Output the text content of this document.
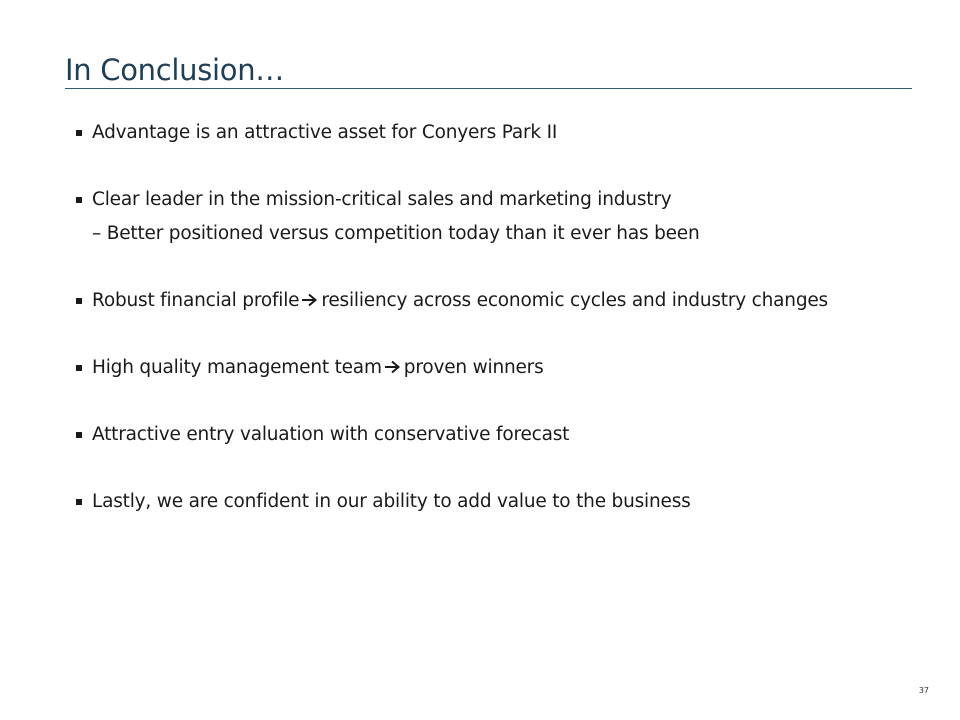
In Conclusion…
Advantage is an attractive asset for Conyers Park II
Clear leader in the mission-critical sales and marketing industry
– Better positioned versus competition today than it ever has been
Robust financial profile resiliency across economic cycles and industry changes
High quality management team proven winners
Attractive entry valuation with conservative forecast
Lastly, we are confident in our ability to add value to the business
37
